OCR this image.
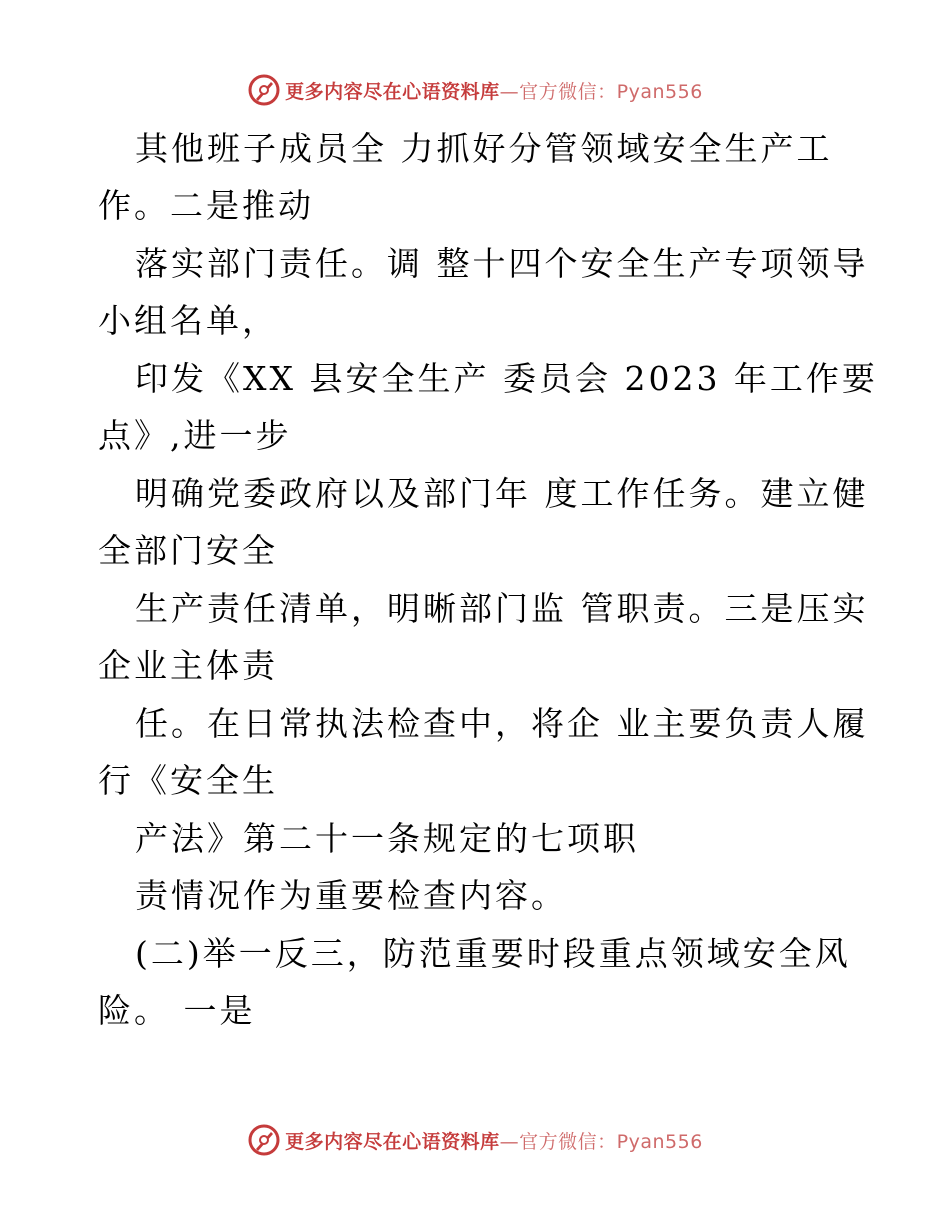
更多内容尽在心语资料库—官方微信：Pyan556
其他班子成员全 力抓好分管领域安全生产工
作。二是推动
落实部门责任。调 整十四个安全生产专项领导
小组名单，
印发《XX 县安全生产 委员会 2023 年工作要
点》,进一步
明确党委政府以及部门年 度工作任务。建立健
全部门安全
生产责任清单，明晰部门监 管职责。三是压实
企业主体责
任。在日常执法检查中，将企 业主要负责人履
行《安全生
产法》第二十一条规定的七项职
责情况作为重要检查内容。
(二)举一反三，防范重要时段重点领域安全风
险。 一是
更多内容尽在心语资料库—官方微信：Pyan556
